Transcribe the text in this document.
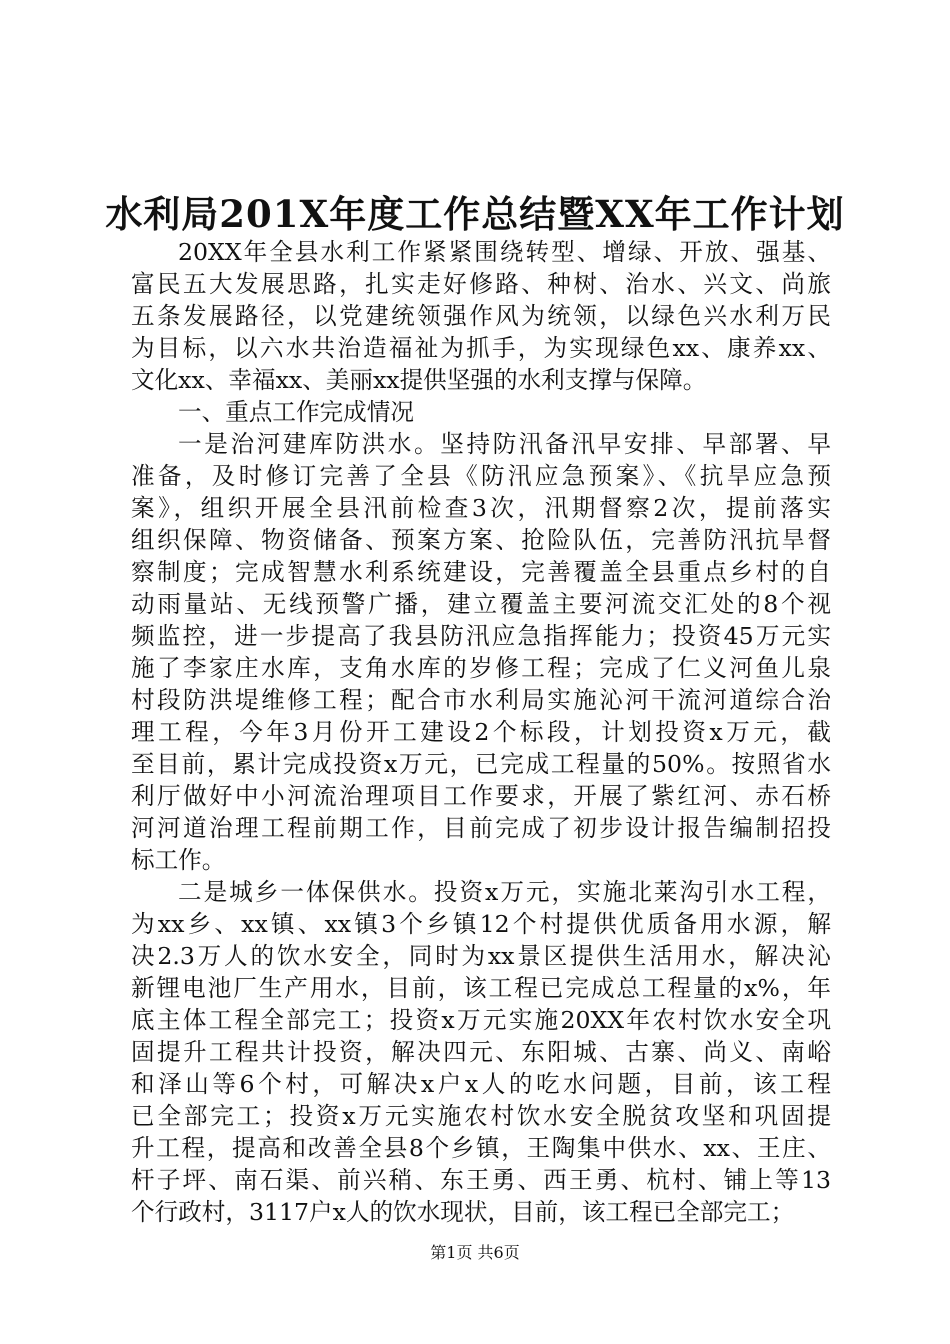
水利局201X年度工作总结暨XX年工作计划
20XX年全县水利工作紧紧围绕转型、增绿、开放、强基、
富民五大发展思路，扎实走好修路、种树、治水、兴文、尚旅
五条发展路径，以党建统领强作风为统领，以绿色兴水利万民
为目标，以六水共治造福祉为抓手，为实现绿色xx、康养xx、
文化xx、幸福xx、美丽xx提供坚强的水利支撑与保障。
一、重点工作完成情况
一是治河建库防洪水。坚持防汛备汛早安排、早部署、早
准备，及时修订完善了全县《防汛应急预案》、《抗旱应急预
案》，组织开展全县汛前检查3次，汛期督察2次，提前落实
组织保障、物资储备、预案方案、抢险队伍，完善防汛抗旱督
察制度；完成智慧水利系统建设，完善覆盖全县重点乡村的自
动雨量站、无线预警广播，建立覆盖主要河流交汇处的8个视
频监控，进一步提高了我县防汛应急指挥能力；投资45万元实
施了李家庄水库，支角水库的岁修工程；完成了仁义河鱼儿泉
村段防洪堤维修工程；配合市水利局实施沁河干流河道综合治
理工程，今年3月份开工建设2个标段，计划投资x万元，截
至目前，累计完成投资x万元，已完成工程量的50%。按照省水
利厅做好中小河流治理项目工作要求，开展了紫红河、赤石桥
河河道治理工程前期工作，目前完成了初步设计报告编制招投
标工作。
二是城乡一体保供水。投资x万元，实施北莱沟引水工程，
为xx乡、xx镇、xx镇3个乡镇12个村提供优质备用水源，解
决2.3万人的饮水安全，同时为xx景区提供生活用水，解决沁
新锂电池厂生产用水，目前，该工程已完成总工程量的x%，年
底主体工程全部完工；投资x万元实施20XX年农村饮水安全巩
固提升工程共计投资，解决四元、东阳城、古寨、尚义、南峪
和泽山等6个村，可解决x户x人的吃水问题，目前，该工程
已全部完工；投资x万元实施农村饮水安全脱贫攻坚和巩固提
升工程，提高和改善全县8个乡镇，王陶集中供水、xx、王庄、
杆子坪、南石渠、前兴稍、东王勇、西王勇、杭村、铺上等13
个行政村，3117户x人的饮水现状，目前，该工程已全部完工；
第1页 共6页
